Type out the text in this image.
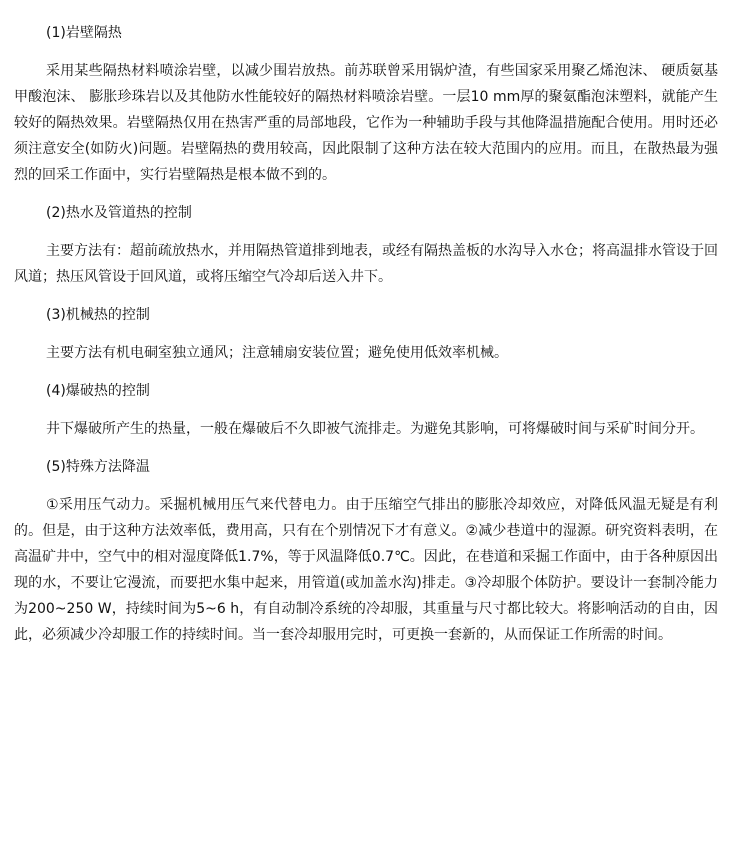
(1)岩壁隔热

采用某些隔热材料喷涂岩壁，以减少围岩放热。前苏联曾采用锅炉渣，有些国家采用聚乙烯泡沫、 硬质氨基甲酸泡沫、 膨胀珍珠岩以及其他防水性能较好的隔热材料喷涂岩壁。一层10 mm厚的聚氨酯泡沫塑料，就能产生较好的隔热效果。岩壁隔热仅用在热害严重的局部地段，它作为一种辅助手段与其他降温措施配合使用。用时还必须注意安全(如防火)问题。岩壁隔热的费用较高，因此限制了这种方法在较大范围内的应用。而且，在散热最为强烈的回采工作面中，实行岩壁隔热是根本做不到的。

(2)热水及管道热的控制

主要方法有：超前疏放热水，并用隔热管道排到地表，或经有隔热盖板的水沟导入水仓；将高温排水管设于回风道；热压风管设于回风道，或将压缩空气冷却后送入井下。

(3)机械热的控制

主要方法有机电硐室独立通风；注意辅扇安装位置；避免使用低效率机械。

(4)爆破热的控制

井下爆破所产生的热量，一般在爆破后不久即被气流排走。为避免其影响，可将爆破时间与采矿时间分开。

(5)特殊方法降温

①采用压气动力。采掘机械用压气来代替电力。由于压缩空气排出的膨胀冷却效应，对降低风温无疑是有利的。但是，由于这种方法效率低，费用高，只有在个别情况下才有意义。②减少巷道中的湿源。研究资料表明，在高温矿井中，空气中的相对湿度降低1.7%，等于风温降低0.7℃。因此，在巷道和采掘工作面中，由于各种原因出现的水，不要让它漫流，而要把水集中起来，用管道(或加盖水沟)排走。③冷却服个体防护。要设计一套制冷能力为200~250 W，持续时间为5~6 h，有自动制冷系统的冷却服，其重量与尺寸都比较大。将影响活动的自由，因此，必须减少冷却服工作的持续时间。当一套冷却服用完时，可更换一套新的，从而保证工作所需的时间。
